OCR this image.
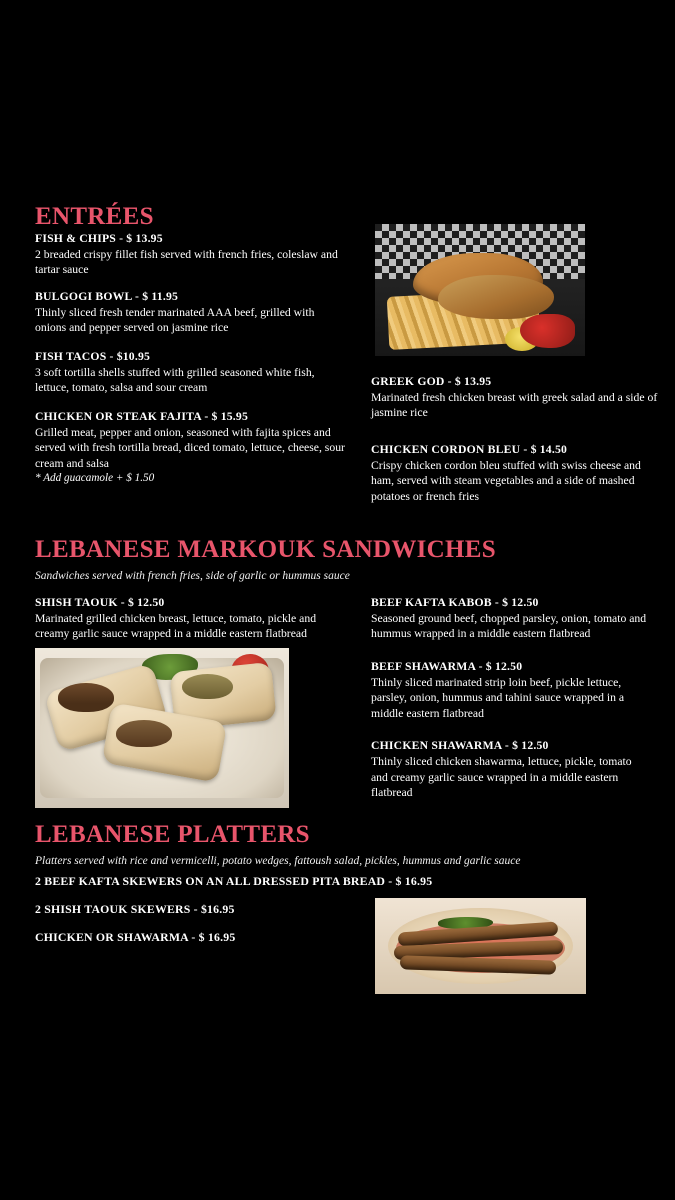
ENTRÉES
FISH & CHIPS - $ 13.95
2 breaded crispy fillet fish served with french fries, coleslaw and tartar sauce
BULGOGI BOWL - $ 11.95
Thinly sliced fresh tender marinated AAA beef, grilled with onions and pepper served on jasmine rice
FISH TACOS - $10.95
3 soft tortilla shells stuffed with grilled seasoned white fish, lettuce, tomato, salsa and sour cream
CHICKEN OR STEAK FAJITA - $ 15.95
Grilled meat, pepper and onion, seasoned with fajita spices and served with fresh tortilla bread, diced tomato, lettuce, cheese, sour cream and salsa
* Add guacamole + $ 1.50
GREEK GOD - $ 13.95
Marinated fresh chicken breast with greek salad and a side of jasmine rice
CHICKEN CORDON BLEU - $ 14.50
Crispy chicken cordon bleu stuffed with swiss cheese and ham, served with steam vegetables and a side of mashed potatoes or french fries
LEBANESE MARKOUK SANDWICHES
Sandwiches served with french fries, side of garlic or hummus sauce
SHISH TAOUK - $ 12.50
Marinated grilled chicken breast, lettuce, tomato, pickle and creamy garlic sauce wrapped in a middle eastern flatbread
BEEF KAFTA KABOB - $ 12.50
Seasoned ground beef, chopped parsley, onion, tomato and hummus wrapped in a middle eastern flatbread
BEEF SHAWARMA - $ 12.50
Thinly sliced marinated strip loin beef, pickle lettuce, parsley, onion, hummus and tahini sauce wrapped in a middle eastern flatbread
CHICKEN SHAWARMA - $ 12.50
Thinly sliced chicken shawarma, lettuce, pickle, tomato and creamy garlic sauce wrapped in a middle eastern flatbread
LEBANESE PLATTERS
Platters served with rice and vermicelli, potato wedges, fattoush salad, pickles, hummus and garlic sauce
2 BEEF KAFTA SKEWERS ON AN ALL DRESSED PITA BREAD - $ 16.95
2 SHISH TAOUK SKEWERS - $16.95
CHICKEN OR SHAWARMA - $ 16.95
